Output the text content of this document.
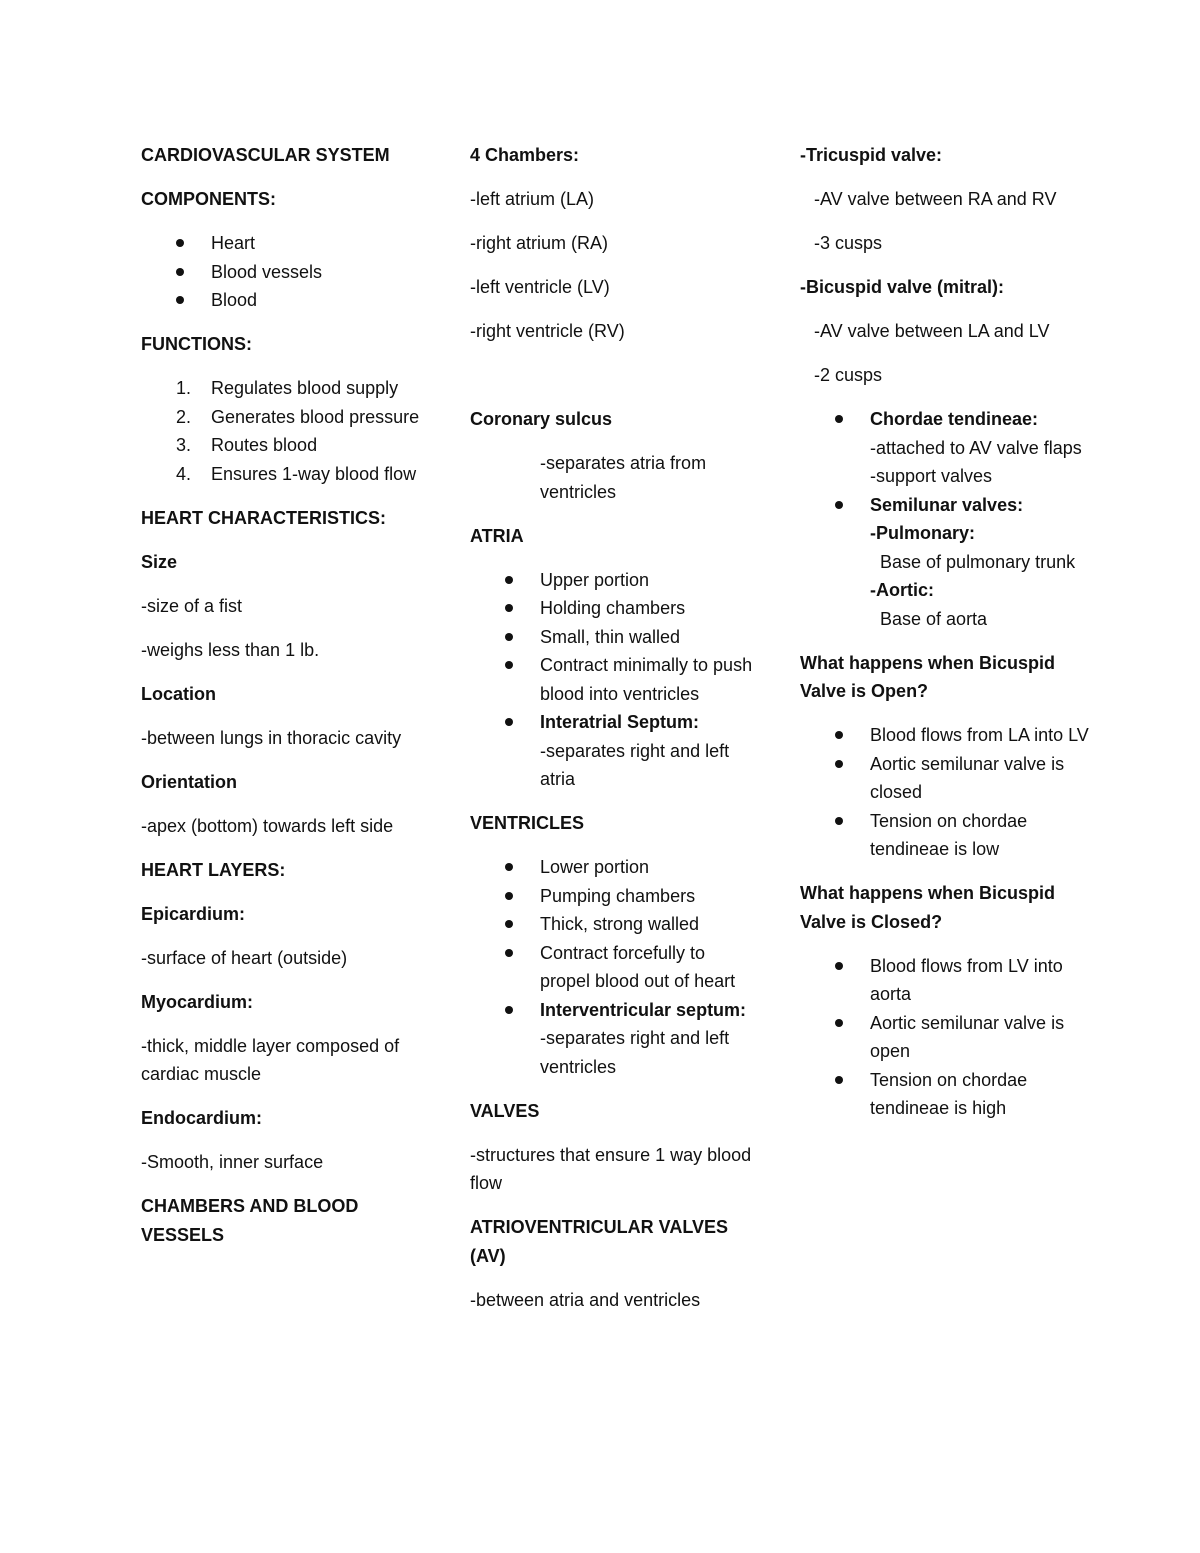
CARDIOVASCULAR SYSTEM

COMPONENTS:

Heart
Blood vessels
Blood

FUNCTIONS:

1. Regulates blood supply
2. Generates blood pressure
3. Routes blood
4. Ensures 1-way blood flow

HEART CHARACTERISTICS:

Size

-size of a fist

-weighs less than 1 lb.

Location

-between lungs in thoracic cavity

Orientation

-apex (bottom) towards left side

HEART LAYERS:

Epicardium:

-surface of heart (outside)

Myocardium:

-thick, middle layer composed of cardiac muscle

Endocardium:

-Smooth, inner surface

CHAMBERS AND BLOOD VESSELS

4 Chambers:

-left atrium (LA)

-right atrium (RA)

-left ventricle (LV)

-right ventricle (RV)

Coronary sulcus

-separates atria from ventricles

ATRIA

Upper portion
Holding chambers
Small, thin walled
Contract minimally to push blood into ventricles
Interatrial Septum:
-separates right and left atria

VENTRICLES

Lower portion
Pumping chambers
Thick, strong walled
Contract forcefully to propel blood out of heart
Interventricular septum:
-separates right and left ventricles

VALVES

-structures that ensure 1 way blood flow

ATRIOVENTRICULAR VALVES (AV)

-between atria and ventricles

-Tricuspid valve:

-AV valve between RA and RV

-3 cusps

-Bicuspid valve (mitral):

-AV valve between LA and LV

-2 cusps

Chordae tendineae:
-attached to AV valve flaps
-support valves
Semilunar valves:
-Pulmonary:
Base of pulmonary trunk
-Aortic:
Base of aorta

What happens when Bicuspid Valve is Open?

Blood flows from LA into LV
Aortic semilunar valve is closed
Tension on chordae tendineae is low

What happens when Bicuspid Valve is Closed?

Blood flows from LV into aorta
Aortic semilunar valve is open
Tension on chordae tendineae is high
